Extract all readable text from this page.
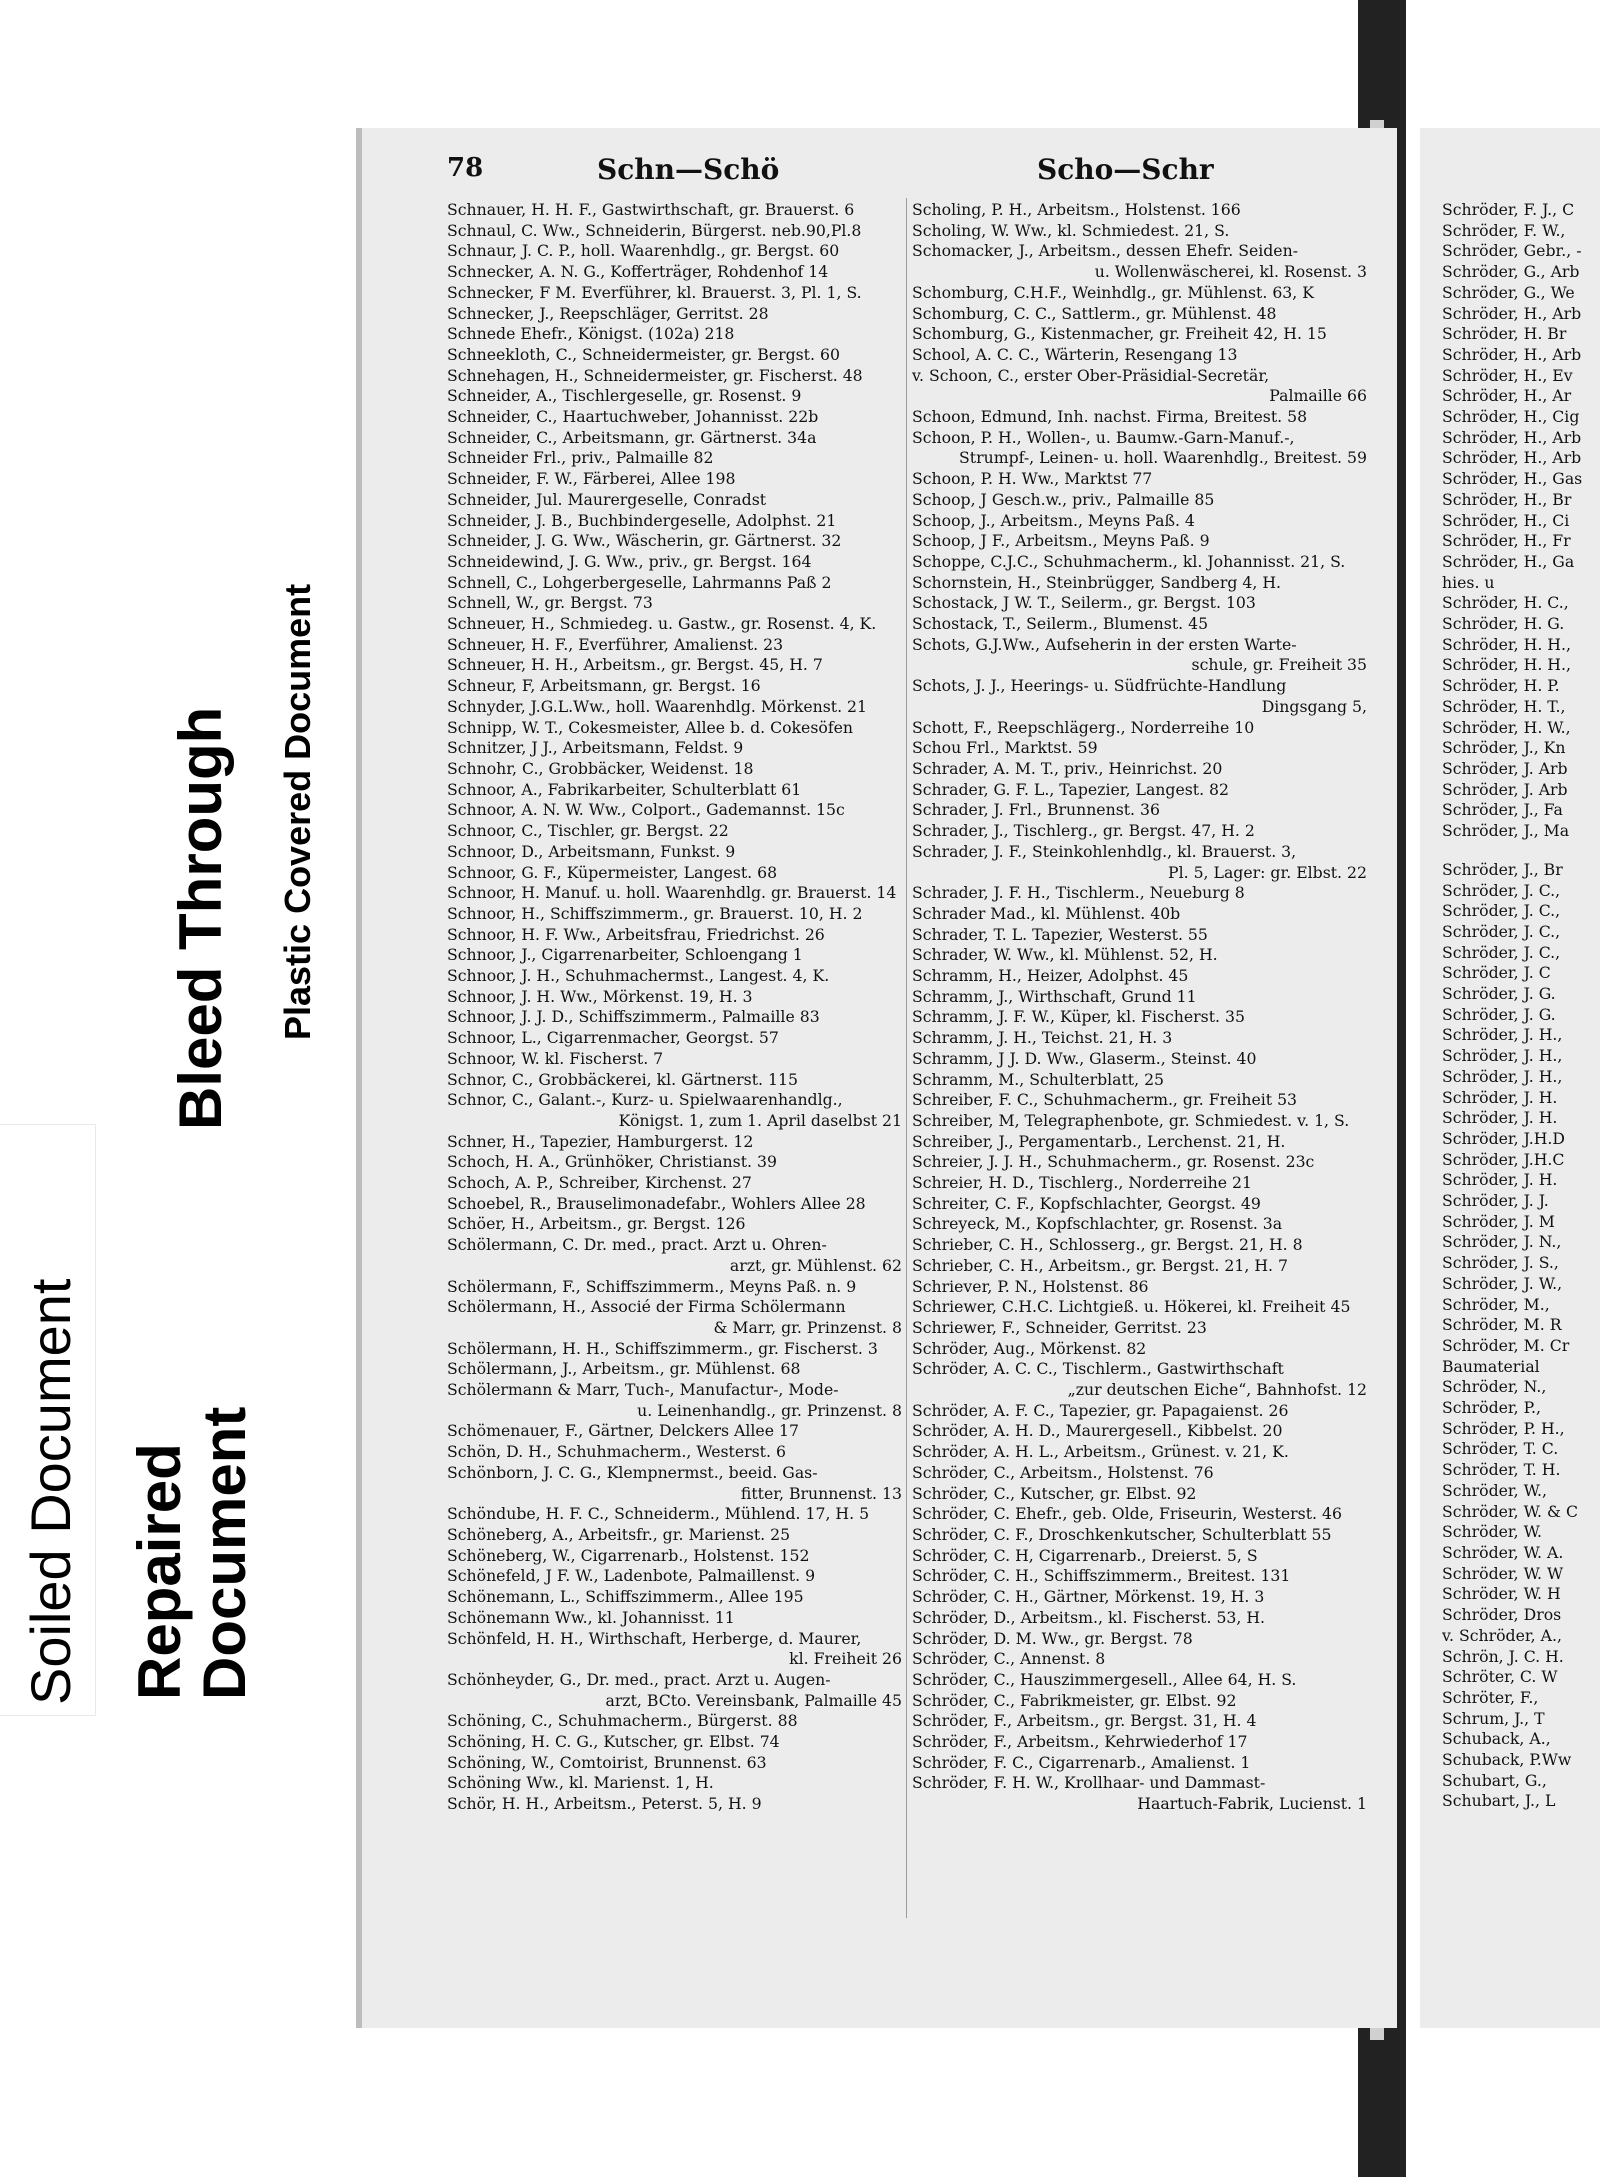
Soiled Document Repaired
Document
Bleed Through Plastic Covered Document
78	Schn—Schö	Scho—Schr
Schnauer, H. H. F., Gastwirthschaft, gr. Brauerst. 6
Schnaul, C. Ww., Schneiderin, Bürgerst. neb.90,Pl.8
Schnaur, J. C. P., holl. Waarenhdlg., gr. Bergst. 60
Schnecker, A. N. G., Kofferträger, Rohdenhof 14
Schnecker, F M. Everführer, kl. Brauerst. 3, Pl. 1, S.
Schnecker, J., Reepschläger, Gerritst. 28
Schnede Ehefr., Königst. (102a) 218
Schneekloth, C., Schneidermeister, gr. Bergst. 60
Schnehagen, H., Schneidermeister, gr. Fischerst. 48
Schneider, A., Tischlergeselle, gr. Rosenst. 9
Schneider, C., Haartuchweber, Johannisst. 22b
Schneider, C., Arbeitsmann, gr. Gärtnerst. 34a
Schneider Frl., priv., Palmaille 82
Schneider, F. W., Färberei, Allee 198
Schneider, Jul. Maurergeselle, Conradst
Schneider, J. B., Buchbindergeselle, Adolphst. 21
Schneider, J. G. Ww., Wäscherin, gr. Gärtnerst. 32
Schneidewind, J. G. Ww., priv., gr. Bergst. 164
Schnell, C., Lohgerbergeselle, Lahrmanns Paß 2
Schnell, W., gr. Bergst. 73
Schneuer, H., Schmiedeg. u. Gastw., gr. Rosenst. 4, K.
Schneuer, H. F., Everführer, Amalienst. 23
Schneuer, H. H., Arbeitsm., gr. Bergst. 45, H. 7
Schneur, F, Arbeitsmann, gr. Bergst. 16
Schnyder, J.G.L.Ww., holl. Waarenhdlg. Mörkenst. 21
Schnipp, W. T., Cokesmeister, Allee b. d. Cokesöfen
Schnitzer, J J., Arbeitsmann, Feldst. 9
Schnohr, C., Grobbäcker, Weidenst. 18
Schnoor, A., Fabrikarbeiter, Schulterblatt 61
Schnoor, A. N. W. Ww., Colport., Gademannst. 15c
Schnoor, C., Tischler, gr. Bergst. 22
Schnoor, D., Arbeitsmann, Funkst. 9
Schnoor, G. F., Küpermeister, Langest. 68
Schnoor, H. Manuf. u. holl. Waarenhdlg. gr. Brauerst. 14
Schnoor, H., Schiffszimmerm., gr. Brauerst. 10, H. 2
Schnoor, H. F. Ww., Arbeitsfrau, Friedrichst. 26
Schnoor, J., Cigarrenarbeiter, Schloengang 1
Schnoor, J. H., Schuhmachermst., Langest. 4, K.
Schnoor, J. H. Ww., Mörkenst. 19, H. 3
Schnoor, J. J. D., Schiffszimmerm., Palmaille 83
Schnoor, L., Cigarrenmacher, Georgst. 57
Schnoor, W. kl. Fischerst. 7
Schnor, C., Grobbäckerei, kl. Gärtnerst. 115
Schnor, C., Galant.-, Kurz- u. Spielwaarenhandlg.,
Königst. 1, zum 1. April daselbst 21
Schner, H., Tapezier, Hamburgerst. 12
Schoch, H. A., Grünhöker, Christianst. 39
Schoch, A. P., Schreiber, Kirchenst. 27
Schoebel, R., Brauselimonadefabr., Wohlers Allee 28
Schöer, H., Arbeitsm., gr. Bergst. 126
Schölermann, C. Dr. med., pract. Arzt u. Ohren-
arzt, gr. Mühlenst. 62
Schölermann, F., Schiffszimmerm., Meyns Paß. n. 9
Schölermann, H., Associé der Firma Schölermann
& Marr, gr. Prinzenst. 8
Schölermann, H. H., Schiffszimmerm., gr. Fischerst. 3
Schölermann, J., Arbeitsm., gr. Mühlenst. 68
Schölermann & Marr, Tuch-, Manufactur-, Mode-
u. Leinenhandlg., gr. Prinzenst. 8
Schömenauer, F., Gärtner, Delckers Allee 17
Schön, D. H., Schuhmacherm., Westerst. 6
Schönborn, J. C. G., Klempnermst., beeid. Gas-
fitter, Brunnenst. 13
Schöndube, H. F. C., Schneiderm., Mühlend. 17, H. 5
Schöneberg, A., Arbeitsfr., gr. Marienst. 25
Schöneberg, W., Cigarrenarb., Holstenst. 152
Schönefeld, J F. W., Ladenbote, Palmaillenst. 9
Schönemann, L., Schiffszimmerm., Allee 195
Schönemann Ww., kl. Johannisst. 11
Schönfeld, H. H., Wirthschaft, Herberge, d. Maurer,
kl. Freiheit 26
Schönheyder, G., Dr. med., pract. Arzt u. Augen-
arzt, BCto. Vereinsbank, Palmaille 45
Schöning, C., Schuhmacherm., Bürgerst. 88
Schöning, H. C. G., Kutscher, gr. Elbst. 74
Schöning, W., Comtoirist, Brunnenst. 63
Schöning Ww., kl. Marienst. 1, H.
Schör, H. H., Arbeitsm., Peterst. 5, H. 9
Scholing, P. H., Arbeitsm., Holstenst. 166
Scholing, W. Ww., kl. Schmiedest. 21, S.
Schomacker, J., Arbeitsm., dessen Ehefr. Seiden-
u. Wollenwäscherei, kl. Rosenst. 3
Schomburg, C.H.F., Weinhdlg., gr. Mühlenst. 63, K
Schomburg, C. C., Sattlerm., gr. Mühlenst. 48
Schomburg, G., Kistenmacher, gr. Freiheit 42, H. 15
School, A. C. C., Wärterin, Resengang 13
v. Schoon, C., erster Ober-Präsidial-Secretär,
Palmaille 66
Schoon, Edmund, Inh. nachst. Firma, Breitest. 58
Schoon, P. H., Wollen-, u. Baumw.-Garn-Manuf.-,
Strumpf-, Leinen- u. holl. Waarenhdlg., Breitest. 59
Schoon, P. H. Ww., Marktst 77
Schoop, J Gesch.w., priv., Palmaille 85
Schoop, J., Arbeitsm., Meyns Paß. 4
Schoop, J F., Arbeitsm., Meyns Paß. 9
Schoppe, C.J.C., Schuhmacherm., kl. Johannisst. 21, S.
Schornstein, H., Steinbrügger, Sandberg 4, H.
Schostack, J W. T., Seilerm., gr. Bergst. 103
Schostack, T., Seilerm., Blumenst. 45
Schots, G.J.Ww., Aufseherin in der ersten Warte-
schule, gr. Freiheit 35
Schots, J. J., Heerings- u. Südfrüchte-Handlung
Dingsgang 5,
Schott, F., Reepschlägerg., Norderreihe 10
Schou Frl., Marktst. 59
Schrader, A. M. T., priv., Heinrichst. 20
Schrader, G. F. L., Tapezier, Langest. 82
Schrader, J. Frl., Brunnenst. 36
Schrader, J., Tischlerg., gr. Bergst. 47, H. 2
Schrader, J. F., Steinkohlenhdlg., kl. Brauerst. 3,
Pl. 5, Lager: gr. Elbst. 22
Schrader, J. F. H., Tischlerm., Neueburg 8
Schrader Mad., kl. Mühlenst. 40b
Schrader, T. L. Tapezier, Westerst. 55
Schrader, W. Ww., kl. Mühlenst. 52, H.
Schramm, H., Heizer, Adolphst. 45
Schramm, J., Wirthschaft, Grund 11
Schramm, J. F. W., Küper, kl. Fischerst. 35
Schramm, J. H., Teichst. 21, H. 3
Schramm, J J. D. Ww., Glaserm., Steinst. 40
Schramm, M., Schulterblatt, 25
Schreiber, F. C., Schuhmacherm., gr. Freiheit 53
Schreiber, M, Telegraphenbote, gr. Schmiedest. v. 1, S.
Schreiber, J., Pergamentarb., Lerchenst. 21, H.
Schreier, J. J. H., Schuhmacherm., gr. Rosenst. 23c
Schreier, H. D., Tischlerg., Norderreihe 21
Schreiter, C. F., Kopfschlachter, Georgst. 49
Schreyeck, M., Kopfschlachter, gr. Rosenst. 3a
Schrieber, C. H., Schlosserg., gr. Bergst. 21, H. 8
Schrieber, C. H., Arbeitsm., gr. Bergst. 21, H. 7
Schriever, P. N., Holstenst. 86
Schriewer, C.H.C. Lichtgieß. u. Hökerei, kl. Freiheit 45
Schriewer, F., Schneider, Gerritst. 23
Schröder, Aug., Mörkenst. 82
Schröder, A. C. C., Tischlerm., Gastwirthschaft
„zur deutschen Eiche“, Bahnhofst. 12
Schröder, A. F. C., Tapezier, gr. Papagaienst. 26
Schröder, A. H. D., Maurergesell., Kibbelst. 20
Schröder, A. H. L., Arbeitsm., Grünest. v. 21, K.
Schröder, C., Arbeitsm., Holstenst. 76
Schröder, C., Kutscher, gr. Elbst. 92
Schröder, C. Ehefr., geb. Olde, Friseurin, Westerst. 46
Schröder, C. F., Droschkenkutscher, Schulterblatt 55
Schröder, C. H, Cigarrenarb., Dreierst. 5, S
Schröder, C. H., Schiffszimmerm., Breitest. 131
Schröder, C. H., Gärtner, Mörkenst. 19, H. 3
Schröder, D., Arbeitsm., kl. Fischerst. 53, H.
Schröder, D. M. Ww., gr. Bergst. 78
Schröder, C., Annenst. 8
Schröder, C., Hauszimmergesell., Allee 64, H. S.
Schröder, C., Fabrikmeister, gr. Elbst. 92
Schröder, F., Arbeitsm., gr. Bergst. 31, H. 4
Schröder, F., Arbeitsm., Kehrwiederhof 17
Schröder, F. C., Cigarrenarb., Amalienst. 1
Schröder, F. H. W., Krollhaar- und Dammast-
Haartuch-Fabrik, Lucienst. 1
Schröder, F. J., C
Schröder, F. W.,
Schröder, Gebr., -
Schröder, G., Arb
Schröder, G., We
Schröder, H., Arb
Schröder, H. Br
Schröder, H., Arb
Schröder, H., Ev
Schröder, H., Ar
Schröder, H., Cig
Schröder, H., Arb
Schröder, H., Arb
Schröder, H., Gas
Schröder, H., Br
Schröder, H., Ci
Schröder, H., Fr
Schröder, H., Ga
hies. u
Schröder, H. C.,
Schröder, H. G.
Schröder, H. H.,
Schröder, H. H.,
Schröder, H. P.
Schröder, H. T.,
Schröder, H. W.,
Schröder, J., Kn
Schröder, J. Arb
Schröder, J. Arb
Schröder, J., Fa
Schröder, J., Ma
Schröder, J., Br
Schröder, J. C.,
Schröder, J. C.,
Schröder, J. C.,
Schröder, J. C.,
Schröder, J. C
Schröder, J. G.
Schröder, J. G.
Schröder, J. H.,
Schröder, J. H.,
Schröder, J. H.,
Schröder, J. H.
Schröder, J. H.
Schröder, J.H.D
Schröder, J.H.C
Schröder, J. H.
Schröder, J. J.
Schröder, J. M
Schröder, J. N.,
Schröder, J. S.,
Schröder, J. W.,
Schröder, M.,
Schröder, M. R
Schröder, M. Cr
Baumaterial
Schröder, N.,
Schröder, P.,
Schröder, P. H.,
Schröder, T. C.
Schröder, T. H.
Schröder, W.,
Schröder, W. & C
Schröder, W.
Schröder, W. A.
Schröder, W. W
Schröder, W. H
Schröder, Dros
v. Schröder, A.,
Schrön, J. C. H.
Schröter, C. W
Schröter, F.,
Schrum, J., T
Schuback, A.,
Schuback, P.Ww
Schubart, G.,
Schubart, J., L
